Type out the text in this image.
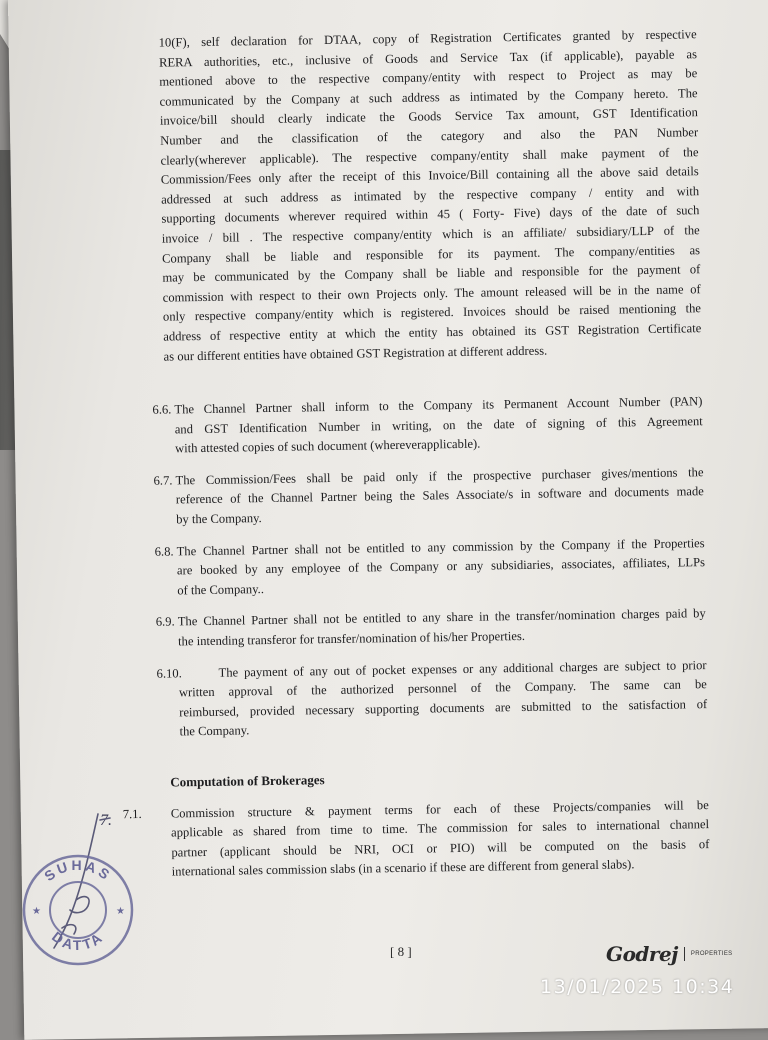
10(F), self declaration for DTAA, copy of Registration Certificates granted by respective
RERA authorities, etc., inclusive of Goods and Service Tax (if applicable), payable as
mentioned above to the respective company/entity with respect to Project as may be
communicated by the Company at such address as intimated by the Company hereto. The
invoice/bill should clearly indicate the Goods Service Tax amount, GST Identification
Number and the classification of the category and also the PAN Number
clearly(wherever applicable). The respective company/entity shall make payment of the
Commission/Fees only after the receipt of this Invoice/Bill containing all the above said details
addressed at such address as intimated by the respective company / entity and with
supporting documents wherever required within 45 ( Forty- Five) days of the date of such
invoice / bill . The respective company/entity which is an affiliate/ subsidiary/LLP of the
Company shall be liable and responsible for its payment. The company/entities as
may be communicated by the Company shall be liable and responsible for the payment of
commission with respect to their own Projects only. The amount released will be in the name of
only respective company/entity which is registered. Invoices should be raised mentioning the
address of respective entity at which the entity has obtained its GST Registration Certificate
as our different entities have obtained GST Registration at different address.
6.6. The Channel Partner shall inform to the Company its Permanent Account Number (PAN)
and GST Identification Number in writing, on the date of signing of this Agreement
with attested copies of such document (whereverapplicable).
6.7. The Commission/Fees shall be paid only if the prospective purchaser gives/mentions the
reference of the Channel Partner being the Sales Associate/s in software and documents made
by the Company.
6.8. The Channel Partner shall not be entitled to any commission by the Company if the Properties
are booked by any employee of the Company or any subsidiaries, associates, affiliates, LLPs
of the Company..
6.9. The Channel Partner shall not be entitled to any share in the transfer/nomination charges paid by
the intending transferor for transfer/nomination of his/her Properties.
6.10.	The payment of any out of pocket expenses or any additional charges are subject to prior
written approval of the authorized personnel of the Company. The same can be
reimbursed, provided necessary supporting documents are submitted to the satisfaction of
the Company.
Computation of Brokerages
7.1. Commission structure & payment terms for each of these Projects/companies will be
applicable as shared from time to time. The commission for sales to international channel
partner (applicant should be NRI, OCI or PIO) will be computed on the basis of
international sales commission slabs (in a scenario if these are different from general slabs).
7.
SUHAS
DATTA
★	★
[ 8 ]	Godrej PROPERTIES
13/01/2025 10:34
